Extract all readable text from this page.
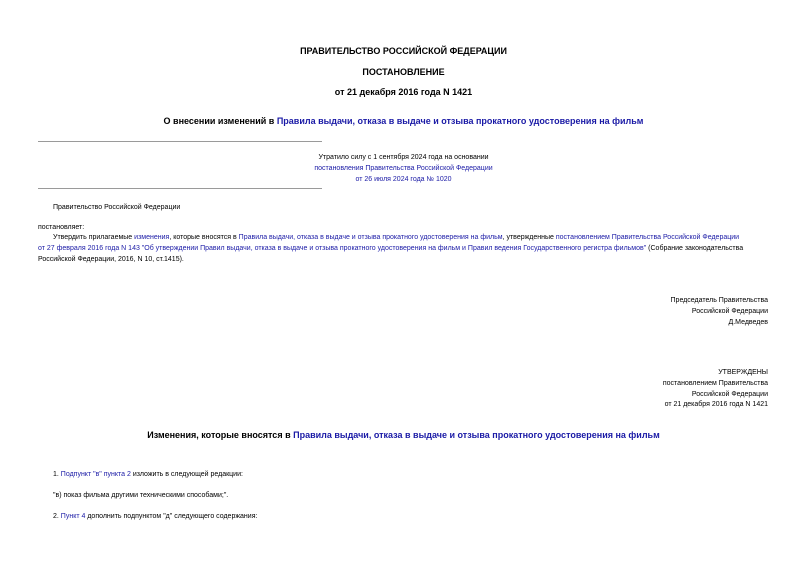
ПРАВИТЕЛЬСТВО РОССИЙСКОЙ ФЕДЕРАЦИИ
ПОСТАНОВЛЕНИЕ
от 21 декабря 2016 года N 1421
О внесении изменений в Правила выдачи, отказа в выдаче и отзыва прокатного удостоверения на фильм
Утратило силу с 1 сентября 2024 года на основании
постановления Правительства Российской Федерации
от 26 июля 2024 года № 1020
Правительство Российской Федерации
постановляет:
Утвердить прилагаемые изменения, которые вносятся в Правила выдачи, отказа в выдаче и отзыва прокатного удостоверения на фильм, утвержденные постановлением Правительства Российской Федерации
от 27 февраля 2016 года N 143 "Об утверждении Правил выдачи, отказа в выдаче и отзыва прокатного удостоверения на фильм и Правил ведения Государственного регистра фильмов" (Собрание законодательства
Российской Федерации, 2016, N 10, ст.1415).
Председатель Правительства
Российской Федерации
Д.Медведев
УТВЕРЖДЕНЫ
постановлением Правительства
Российской Федерации
от 21 декабря 2016 года N 1421
Изменения, которые вносятся в Правила выдачи, отказа в выдаче и отзыва прокатного удостоверения на фильм
1. Подпункт "в" пункта 2 изложить в следующей редакции:
"в) показ фильма другими техническими способами;".
2. Пункт 4 дополнить подпунктом "д" следующего содержания:
